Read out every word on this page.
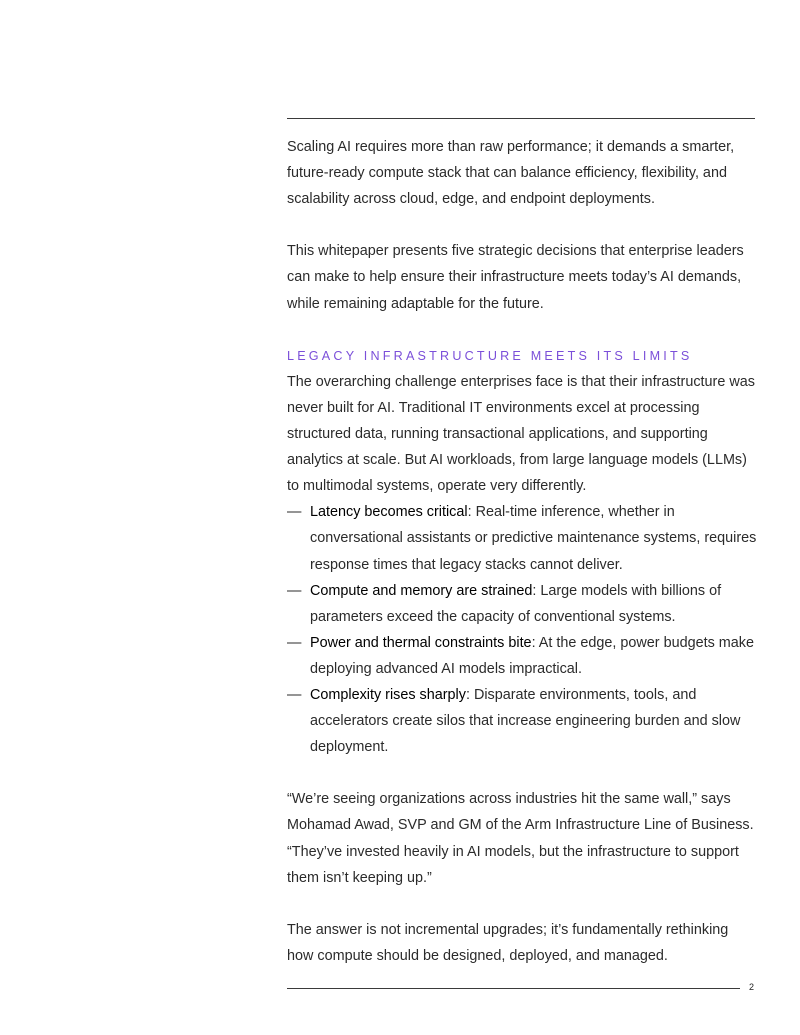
Scaling AI requires more than raw performance; it demands a smarter, future-ready compute stack that can balance efficiency, flexibility, and scalability across cloud, edge, and endpoint deployments.

This whitepaper presents five strategic decisions that enterprise leaders can make to help ensure their infrastructure meets today’s AI demands, while remaining adaptable for the future.

LEGACY INFRASTRUCTURE MEETS ITS LIMITS

The overarching challenge enterprises face is that their infrastructure was never built for AI. Traditional IT environments excel at processing structured data, running transactional applications, and supporting analytics at scale. But AI workloads, from large language models (LLMs) to multimodal systems, operate very differently.

— Latency becomes critical: Real-time inference, whether in conversational assistants or predictive maintenance systems, requires response times that legacy stacks cannot deliver.
— Compute and memory are strained: Large models with billions of parameters exceed the capacity of conventional systems.
— Power and thermal constraints bite: At the edge, power budgets make deploying advanced AI models impractical.
— Complexity rises sharply: Disparate environments, tools, and accelerators create silos that increase engineering burden and slow deployment.

“We’re seeing organizations across industries hit the same wall,” says Mohamad Awad, SVP and GM of the Arm Infrastructure Line of Business. “They’ve invested heavily in AI models, but the infrastructure to support them isn’t keeping up.”

The answer is not incremental upgrades; it’s fundamentally rethinking how compute should be designed, deployed, and managed.

2
